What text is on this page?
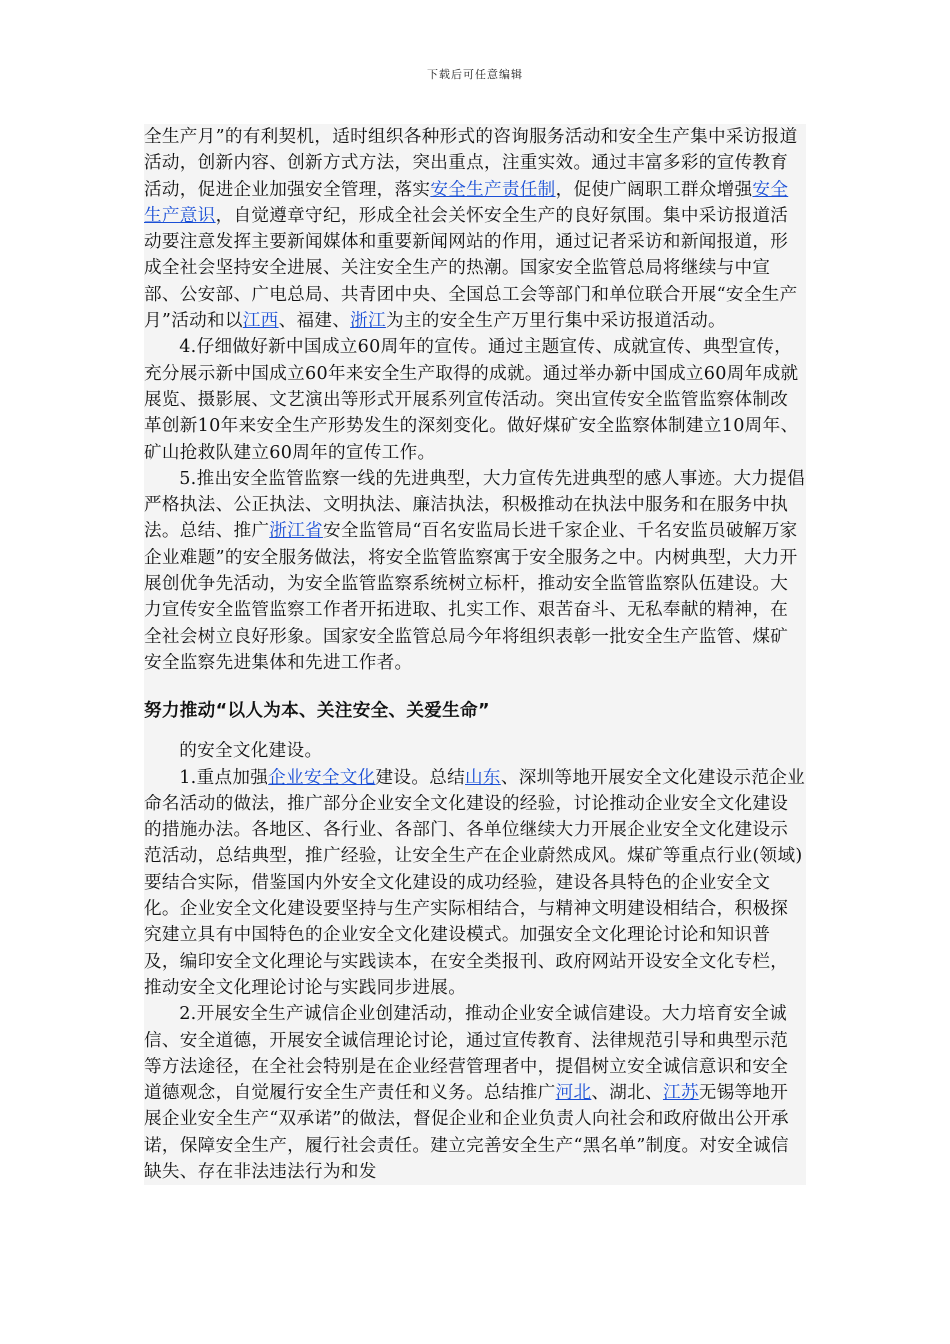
下载后可任意编辑

全生产月”的有利契机，适时组织各种形式的咨询服务活动和安全生产集中采访报道活动，创新内容、创新方式方法，突出重点，注重实效。通过丰富多彩的宣传教育活动，促进企业加强安全管理，落实安全生产责任制，促使广阔职工群众增强安全生产意识，自觉遵章守纪，形成全社会关怀安全生产的良好氛围。集中采访报道活动要注意发挥主要新闻媒体和重要新闻网站的作用，通过记者采访和新闻报道，形成全社会坚持安全进展、关注安全生产的热潮。国家安全监管总局将继续与中宣部、公安部、广电总局、共青团中央、全国总工会等部门和单位联合开展“安全生产月”活动和以江西、福建、浙江为主的安全生产万里行集中采访报道活动。

4.仔细做好新中国成立60周年的宣传。通过主题宣传、成就宣传、典型宣传，充分展示新中国成立60年来安全生产取得的成就。通过举办新中国成立60周年成就展览、摄影展、文艺演出等形式开展系列宣传活动。突出宣传安全监管监察体制改革创新10年来安全生产形势发生的深刻变化。做好煤矿安全监察体制建立10周年、矿山抢救队建立60周年的宣传工作。

5.推出安全监管监察一线的先进典型，大力宣传先进典型的感人事迹。大力提倡严格执法、公正执法、文明执法、廉洁执法，积极推动在执法中服务和在服务中执法。总结、推广浙江省安全监管局“百名安监局长进千家企业、千名安监员破解万家企业难题”的安全服务做法，将安全监管监察寓于安全服务之中。内树典型，大力开展创优争先活动，为安全监管监察系统树立标杆，推动安全监管监察队伍建设。大力宣传安全监管监察工作者开拓进取、扎实工作、艰苦奋斗、无私奉献的精神，在全社会树立良好形象。国家安全监管总局今年将组织表彰一批安全生产监管、煤矿安全监察先进集体和先进工作者。

努力推动“以人为本、关注安全、关爱生命”

的安全文化建设。

1.重点加强企业安全文化建设。总结山东、深圳等地开展安全文化建设示范企业命名活动的做法，推广部分企业安全文化建设的经验，讨论推动企业安全文化建设的措施办法。各地区、各行业、各部门、各单位继续大力开展企业安全文化建设示范活动，总结典型，推广经验，让安全生产在企业蔚然成风。煤矿等重点行业(领域)要结合实际，借鉴国内外安全文化建设的成功经验，建设各具特色的企业安全文化。企业安全文化建设要坚持与生产实际相结合，与精神文明建设相结合，积极探究建立具有中国特色的企业安全文化建设模式。加强安全文化理论讨论和知识普及，编印安全文化理论与实践读本，在安全类报刊、政府网站开设安全文化专栏，推动安全文化理论讨论与实践同步进展。

2.开展安全生产诚信企业创建活动，推动企业安全诚信建设。大力培育安全诚信、安全道德，开展安全诚信理论讨论，通过宣传教育、法律规范引导和典型示范等方法途径，在全社会特别是在企业经营管理者中，提倡树立安全诚信意识和安全道德观念，自觉履行安全生产责任和义务。总结推广河北、湖北、江苏无锡等地开展企业安全生产“双承诺”的做法，督促企业和企业负责人向社会和政府做出公开承诺，保障安全生产，履行社会责任。建立完善安全生产“黑名单”制度。对安全诚信缺失、存在非法违法行为和发
